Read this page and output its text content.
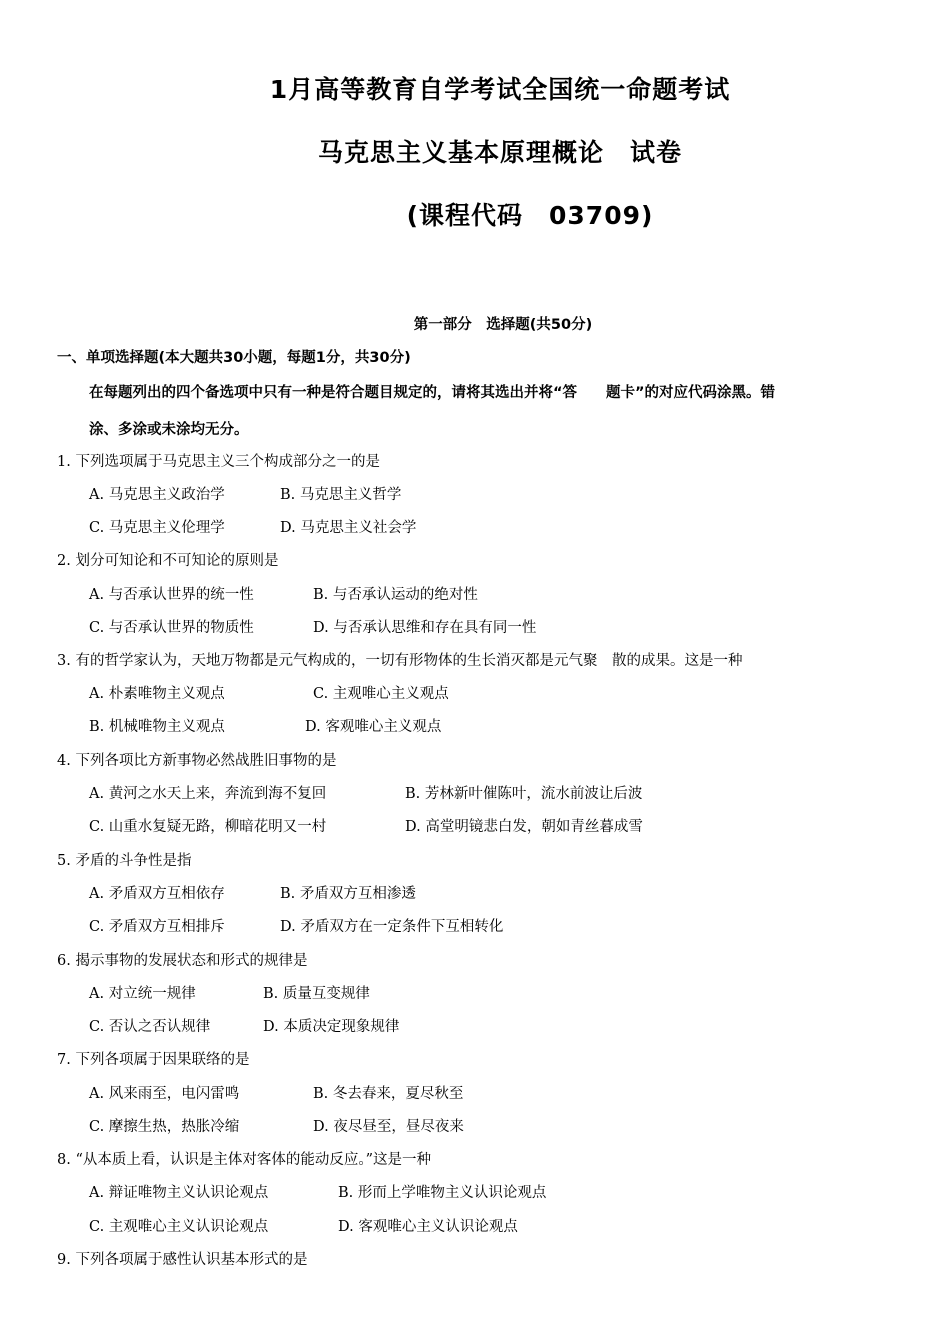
1月高等教育自学考试全国统一命题考试
马克思主义基本原理概论　试卷
(课程代码　03709)
第一部分　选择题(共50分)
一、单项选择题(本大题共30小题，每题1分，共30分)
在每题列出的四个备选项中只有一种是符合题目规定的，请将其选出并将“答　　题卡”的对应代码涂黑。错
涂、多涂或未涂均无分。
1. 下列选项属于马克思主义三个构成部分之一的是
A. 马克思主义政治学	B. 马克思主义哲学
C. 马克思主义伦理学	D. 马克思主义社会学
2. 划分可知论和不可知论的原则是
A. 与否承认世界的统一性	B. 与否承认运动的绝对性
C. 与否承认世界的物质性	D. 与否承认思维和存在具有同一性
3. 有的哲学家认为，天地万物都是元气构成的，一切有形物体的生长消灭都是元气聚　散的成果。这是一种
A. 朴素唯物主义观点	C. 主观唯心主义观点
B. 机械唯物主义观点	D. 客观唯心主义观点
4. 下列各项比方新事物必然战胜旧事物的是
A. 黄河之水天上来，奔流到海不复回	B. 芳林新叶催陈叶，流水前波让后波
C. 山重水复疑无路，柳暗花明又一村	D. 高堂明镜悲白发，朝如青丝暮成雪
5. 矛盾的斗争性是指
A. 矛盾双方互相依存	B. 矛盾双方互相渗透
C. 矛盾双方互相排斥	D. 矛盾双方在一定条件下互相转化
6. 揭示事物的发展状态和形式的规律是
A. 对立统一规律	B. 质量互变规律
C. 否认之否认规律	D. 本质决定现象规律
7. 下列各项属于因果联络的是
A. 风来雨至，电闪雷鸣	B. 冬去春来，夏尽秋至
C. 摩擦生热，热胀冷缩	D. 夜尽昼至，昼尽夜来
8. “从本质上看，认识是主体对客体的能动反应。”这是一种
A. 辩证唯物主义认识论观点	B. 形而上学唯物主义认识论观点
C. 主观唯心主义认识论观点	D. 客观唯心主义认识论观点
9. 下列各项属于感性认识基本形式的是
